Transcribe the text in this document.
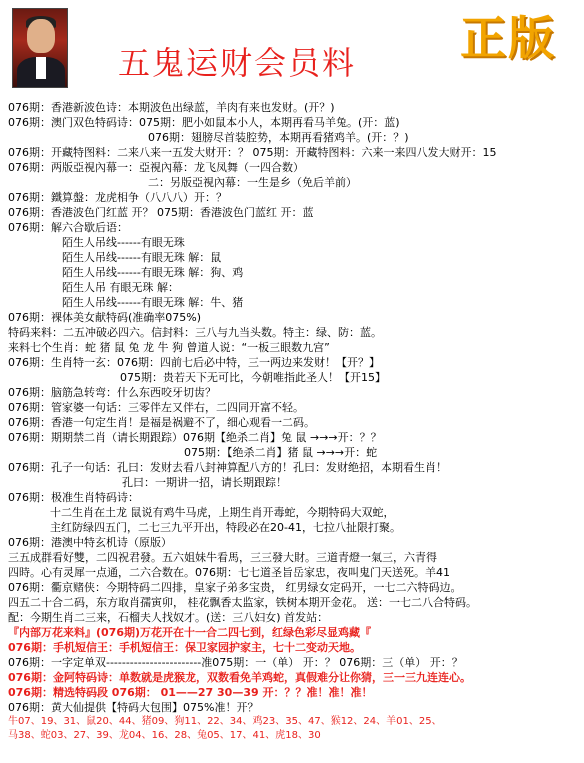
五鬼运财会员料 正版
076期：香港新波色诗：本期波色出绿蓝，羊肉有来也发财。(开？)
076期：澳门双色特码诗：075期：肥小如鼠本小人，本期再看马羊兔。(开：蓝)
076期：翅膀尽首装腔势，本期再看猪鸡羊。(开：？)
076期：开藏特图料：二来八来一五发大财开：？ 075期：开藏特图料：六来一来四八发大财开：15
076期：两版亞視內幕一：亞視內幕：龙飞凤舞（一四合数）
二：另版亞視內幕：一生是乡（免后羊前）
076期：鐵算盤：龙虎相争（八八八）开：？
076期：香港波色门红蓝 开？ 075期：香港波色门蓝红 开：蓝
076期：解六合歇后语：
陌生人吊线------有眼无珠
陌生人吊线------有眼无珠 解：鼠
陌生人吊线------有眼无珠 解：狗、鸡
陌生人吊 有眼无珠 解：
陌生人吊线------有眼无珠 解：牛、猪
076期：裸体美女献特码(准确率075%)
特码来料：二五冲破必四六。信封料：三八与九当头数。特主：绿、防：蓝。
来料七个生肖：蛇 猪 鼠 兔 龙 牛 狗 曾道人说：“一板三眼数九宫”
076期：生肖特一玄：076期：四前七后必中特，三一两边来发财！【开？】
075期：贵若天下无可比，今朝唯指此圣人！【开15】
076期：脑筋急转弯：什么东西咬牙切齿？
076期：管家婆一句话：三零伴左又伴右，二四同开富不轻。
076期：香港一句定生肖！是福是祸避不了，细心观看一二码。
076期：期期禁二肖（请长期跟踪）076期【绝杀二肖】兔 鼠 →→→开：？？
075期：【绝杀二肖】猪 鼠 →→→开：蛇
076期：孔子一句话：孔曰：发财去看八封神算配八方的！孔曰：发财绝招，本期看生肖！
孔曰：一期讲一招，请长期跟踪！
076期：极准生肖特码诗：
十二生肖在土龙 鼠说有鸡牛马虎，上期生肖开毒蛇，今期特码大双蛇，
主红防绿四五门，二七三九平开出，特段必在20-41，七拉八扯限打聚。
076期：港澳中特玄机诗（原版）
三五成群看好雙，二四祝君發。五六姐妹牛看馬，三三發大財。三道青燈一氣三，六青得
四時。心有灵犀一点通，二六合数在。076期：七七道圣旨岳家忠，夜叫鬼门天送死。羊41
076期：衢京赌侠：今期特码二四排，皇家子弟多宝贵， 红男绿女定码开，一七二六特码边。
四五二十合二码，东方取肖孺寅卯， 桂花飘香太监家，铁树本期开金花。 送：一七二八合特码。
配：今期生肖二三来，石榴夫人找奴才。(送：三八妇女) 首发站：
『内部万花来料』(076期)万花开在十一合二四七到，红绿色彩尽显鸡藏『
076期：手机短信王：手机短信王：保卫家园护家主，七十二变动天地。
076期：一字定单双------------------------准075期：一（单） 开：？ 076期：三（单） 开：？
076期：金阿特码诗：单数就是虎猴龙，双数看免羊鸡蛇，真假难分让你猜，三一三九连连心。
076期：精选特码段 076期： 01——27 30—39 开：？？准！准！准！
076期：黄大仙提供【特码大包围】075%准！开？
牛07、19、31、鼠20、44、猪09、狗11、22、34、鸡23、35、47、猴12、24、羊01、25、
马38、蛇03、27、39、龙04、16、28、兔05、17、41、虎18、30
